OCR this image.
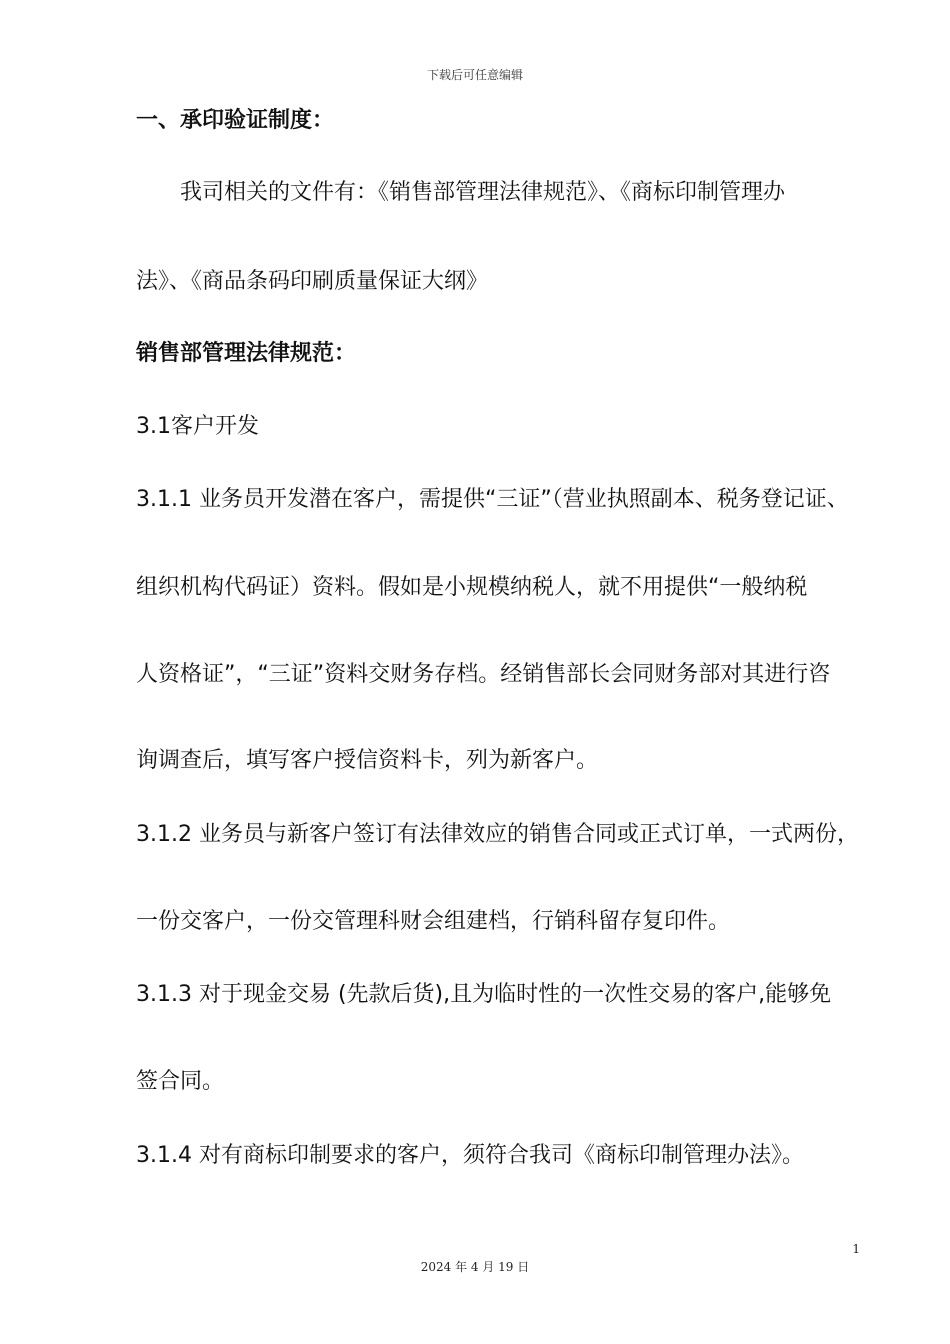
下载后可任意编辑
一、承印验证制度：
我司相关的文件有：《销售部管理法律规范》、《商标印制管理办
法》、《商品条码印刷质量保证大纲》
销售部管理法律规范：
3.1客户开发
3.1.1 业务员开发潜在客户，需提供“三证”（营业执照副本、税务登记证、
组织机构代码证）资料。假如是小规模纳税人，就不用提供“一般纳税
人资格证”，“三证”资料交财务存档。经销售部长会同财务部对其进行咨
询调查后，填写客户授信资料卡，列为新客户。
3.1.2 业务员与新客户签订有法律效应的销售合同或正式订单，一式两份，
一份交客户，一份交管理科财会组建档，行销科留存复印件。
3.1.3 对于现金交易 (先款后货),且为临时性的一次性交易的客户,能够免
签合同。
3.1.4 对有商标印制要求的客户，须符合我司《商标印制管理办法》。
1
2024 年 4 月 19 日
